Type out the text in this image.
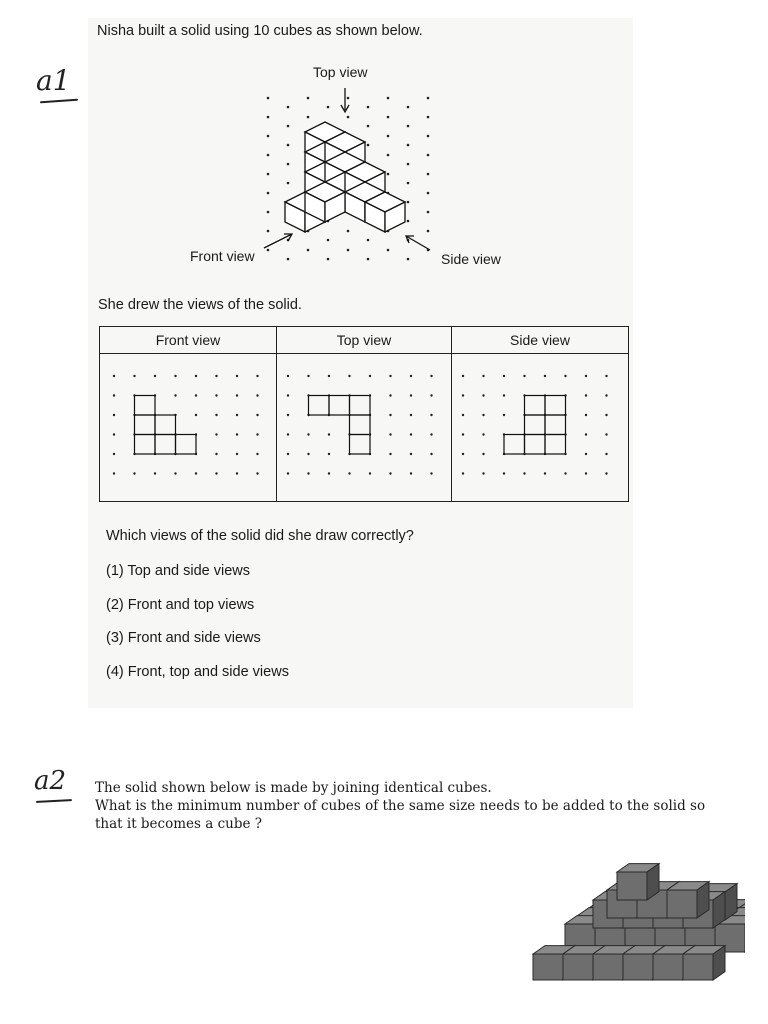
a1
Nisha built a solid using 10 cubes as shown below.
Top view
Front view	Side view
She drew the views of the solid.
Front view	Top view	Side view

Which views of the solid did she draw correctly?
(1) Top and side views
(2) Front and top views
(3) Front and side views
(4) Front, top and side views
a2 The solid shown below is made by joining identical cubes.
What is the minimum number of cubes of the same size needs to be added to the solid so
that it becomes a cube ?
